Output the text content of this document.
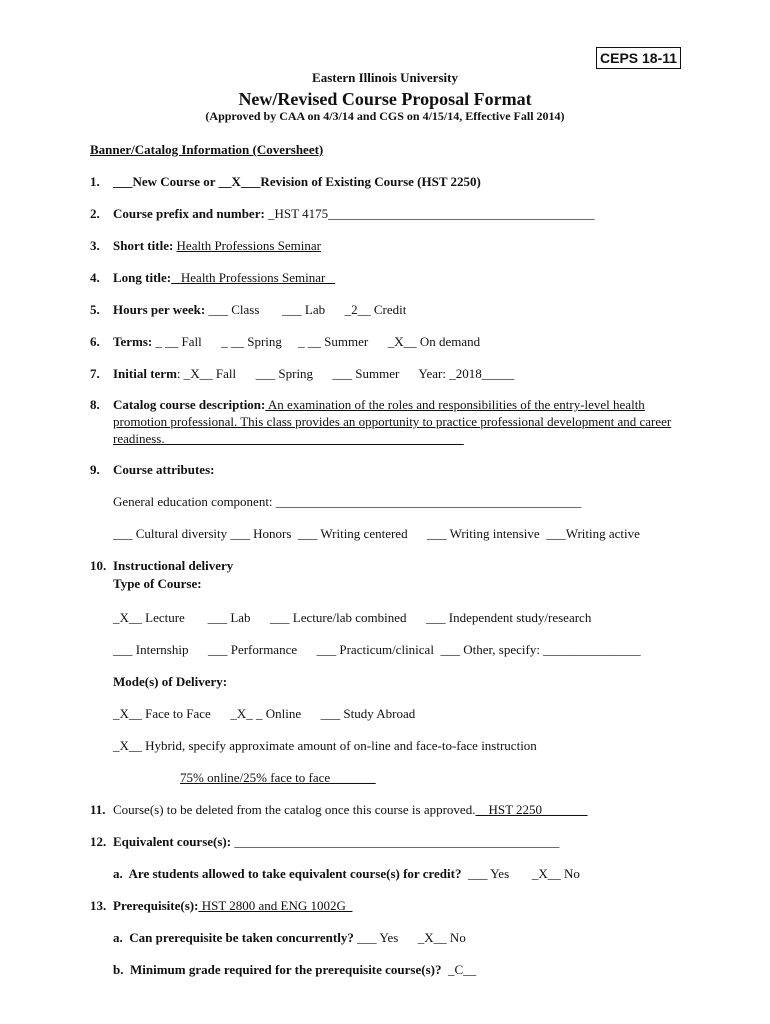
CEPS 18-11
Eastern Illinois University
New/Revised Course Proposal Format
(Approved by CAA on 4/3/14 and CGS on 4/15/14, Effective Fall 2014)
Banner/Catalog Information (Coversheet)
1. ___New Course or __X___Revision of Existing Course (HST 2250)
2. Course prefix and number: _HST 4175_________________________________________
3. Short title: Health Professions Seminar
4. Long title: _Health Professions Seminar _
5. Hours per week: ___ Class       ___ Lab      _2__ Credit
6. Terms: _ __ Fall      _ __ Spring     _ __ Summer      _X__ On demand
7. Initial term: _X__ Fall      ___ Spring      ___ Summer      Year: _2018_____
8. Catalog course description: An examination of the roles and responsibilities of the entry-level health promotion professional. This class provides an opportunity to practice professional development and career readiness.______________________________________________
9. Course attributes:
General education component: _______________________________________________
___ Cultural diversity ___ Honors  ___ Writing centered      ___ Writing intensive  ___Writing active
10. Instructional delivery
Type of Course:
_X__ Lecture       ___ Lab      ___ Lecture/lab combined      ___ Independent study/research
___ Internship      ___ Performance      ___ Practicum/clinical  ___ Other, specify: _______________
Mode(s) of Delivery:
_X__ Face to Face      _X_ _ Online      ___ Study Abroad
_X__ Hybrid, specify approximate amount of on-line and face-to-face instruction
75% online/25% face to face_______
11. Course(s) to be deleted from the catalog once this course is approved. _ HST 2250_______
12. Equivalent course(s): __________________________________________________
a.  Are students allowed to take equivalent course(s) for credit?  ___ Yes       _X__ No
13. Prerequisite(s): HST 2800 and ENG 1002G_
a.  Can prerequisite be taken concurrently? ___ Yes      _X__ No
b.  Minimum grade required for the prerequisite course(s)?  _C__
